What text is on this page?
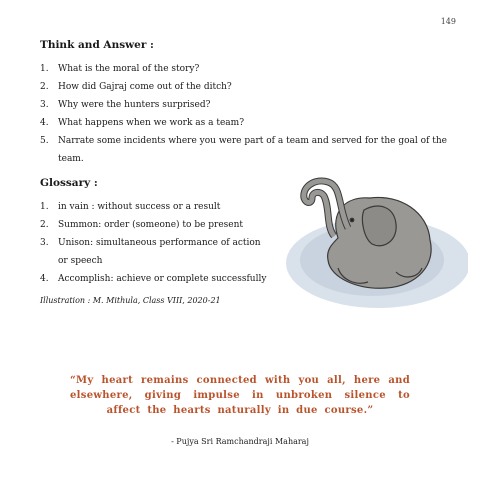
149
Think and Answer :
1. What is the moral of the story?
2. How did Gajraj come out of the ditch?
3. Why were the hunters surprised?
4. What happens when we work as a team?
5. Narrate some incidents where you were part of a team and served for the goal of the team.
Glossary :
1. in vain : without success or a result
2. Summon: order (someone) to be present
3. Unison: simultaneous performance of action or speech
4. Accomplish: achieve or complete successfully
Illustration : M. Mithula, Class VIII, 2020-21
“My heart remains connected with you all, here and elsewhere, giving impulse in unbroken silence to affect the hearts naturally in due course.”
- Pujya Sri Ramchandraji Maharaj
